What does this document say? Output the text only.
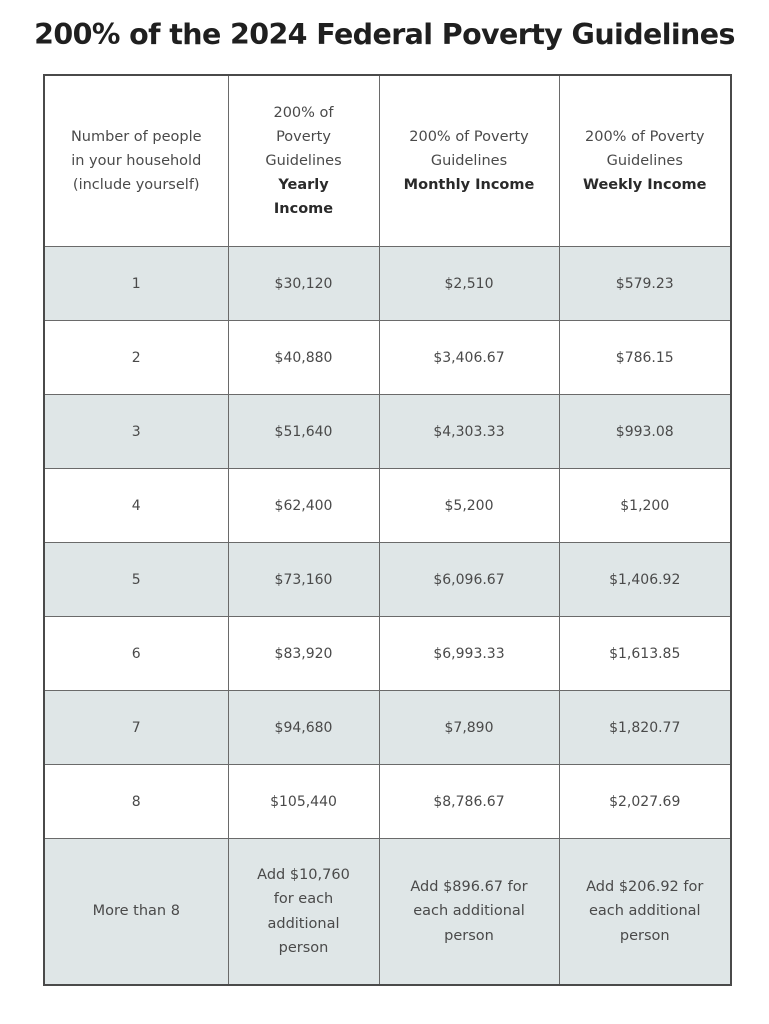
200% of the 2024 Federal Poverty Guidelines
Number of people
in your household
(include yourself)	200% of
Poverty
Guidelines
Yearly
Income	200% of Poverty
Guidelines
Monthly Income	200% of Poverty
Guidelines
Weekly Income

1	$30,120	$2,510	$579.23
2	$40,880	$3,406.67	$786.15
3	$51,640	$4,303.33	$993.08
4	$62,400	$5,200	$1,200
5	$73,160	$6,096.67	$1,406.92
6	$83,920	$6,993.33	$1,613.85
7	$94,680	$7,890	$1,820.77
8	$105,440	$8,786.67	$2,027.69
More than 8	Add $10,760
for each
additional
person	Add $896.67 for
each additional
person	Add $206.92 for
each additional
person
